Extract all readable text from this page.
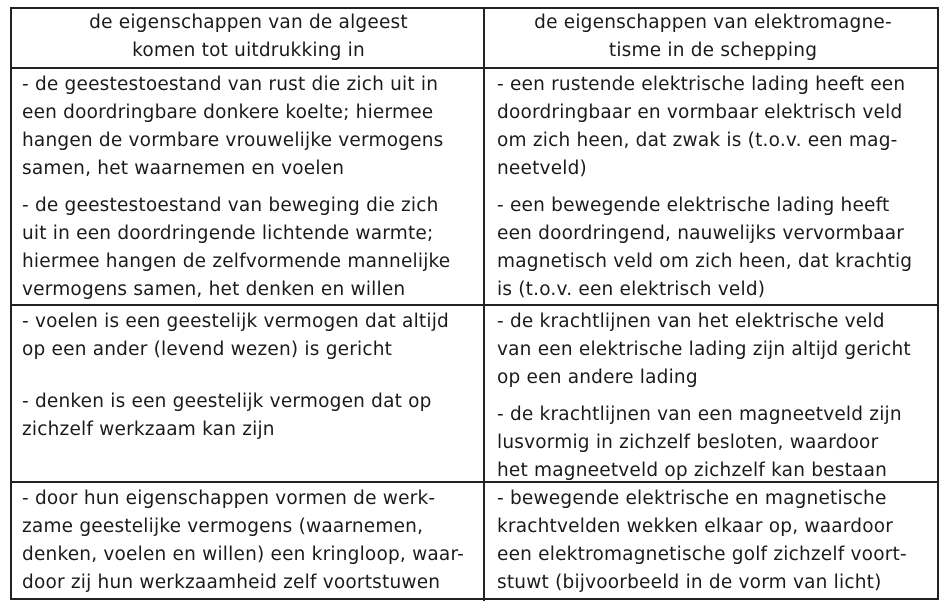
de eigenschappen van de algeest
komen tot uitdrukking in
de eigenschappen van elektromagne-
tisme in de schepping
- de geestestoestand van rust die zich uit in
een doordringbare donkere koelte; hiermee
hangen de vormbare vrouwelijke vermogens
samen, het waarnemen en voelen
- de geestestoestand van beweging die zich
uit in een doordringende lichtende warmte;
hiermee hangen de zelfvormende mannelijke
vermogens samen, het denken en willen
- een rustende elektrische lading heeft een
doordringbaar en vormbaar elektrisch veld
om zich heen, dat zwak is (t.o.v. een mag-
neetveld)
- een bewegende elektrische lading heeft
een doordringend, nauwelijks vervormbaar
magnetisch veld om zich heen, dat krachtig
is (t.o.v. een elektrisch veld)
- voelen is een geestelijk vermogen dat altijd
op een ander (levend wezen) is gericht
- denken is een geestelijk vermogen dat op
zichzelf werkzaam kan zijn
- de krachtlijnen van het elektrische veld
van een elektrische lading zijn altijd gericht
op een andere lading
- de krachtlijnen van een magneetveld zijn
lusvormig in zichzelf besloten, waardoor
het magneetveld op zichzelf kan bestaan
- door hun eigenschappen vormen de werk-
zame geestelijke vermogens (waarnemen,
denken, voelen en willen) een kringloop, waar-
door zij hun werkzaamheid zelf voortstuwen
- bewegende elektrische en magnetische
krachtvelden wekken elkaar op, waardoor
een elektromagnetische golf zichzelf voort-
stuwt (bijvoorbeeld in de vorm van licht)
